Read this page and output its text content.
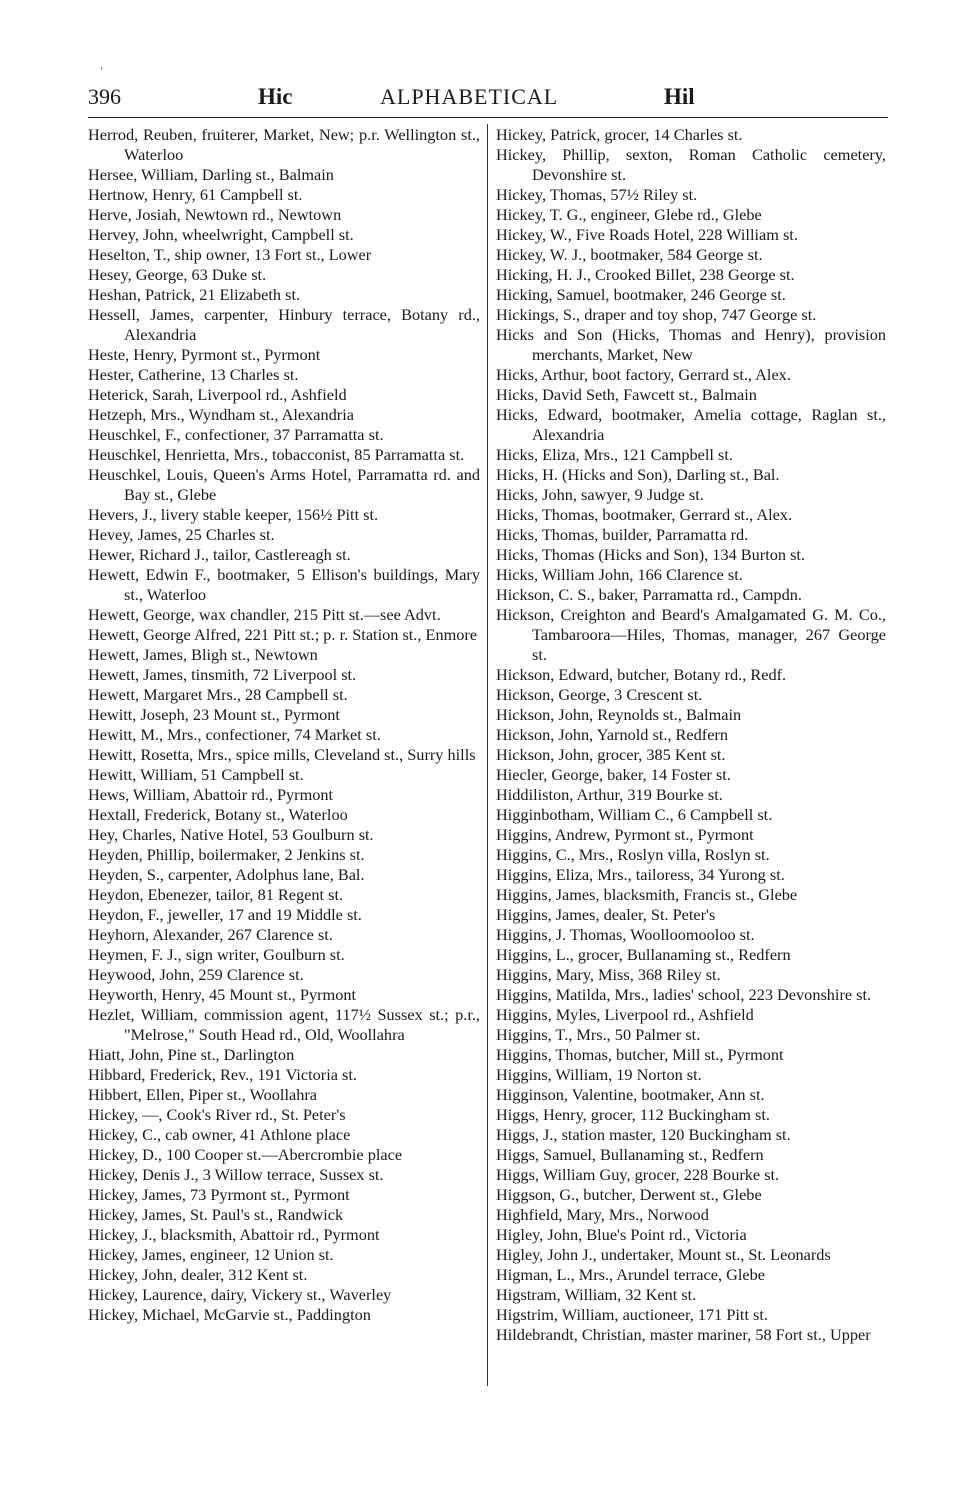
‘
396	Hic	ALPHABETICAL	Hil

Herrod, Reuben, fruiterer, Market, New; p.r. Wellington st., Waterloo

Hersee, William, Darling st., Balmain

Hertnow, Henry, 61 Campbell st.

Herve, Josiah, Newtown rd., Newtown

Hervey, John, wheelwright, Campbell st.

Heselton, T., ship owner, 13 Fort st., Lower

Hesey, George, 63 Duke st.

Heshan, Patrick, 21 Elizabeth st.

Hessell, James, carpenter, Hinbury terrace, Botany rd., Alexandria

Heste, Henry, Pyrmont st., Pyrmont

Hester, Catherine, 13 Charles st.

Heterick, Sarah, Liverpool rd., Ashfield

Hetzeph, Mrs., Wyndham st., Alexandria

Heuschkel, F., confectioner, 37 Parramatta st.

Heuschkel, Henrietta, Mrs., tobacconist, 85 Parramatta st.

Heuschkel, Louis, Queen's Arms Hotel, Parramatta rd. and Bay st., Glebe

Hevers, J., livery stable keeper, 156½ Pitt st.

Hevey, James, 25 Charles st.

Hewer, Richard J., tailor, Castlereagh st.

Hewett, Edwin F., bootmaker, 5 Ellison's buildings, Mary st., Waterloo

Hewett, George, wax chandler, 215 Pitt st.—see Advt.

Hewett, George Alfred, 221 Pitt st.; p. r. Station st., Enmore

Hewett, James, Bligh st., Newtown

Hewett, James, tinsmith, 72 Liverpool st.

Hewett, Margaret Mrs., 28 Campbell st.

Hewitt, Joseph, 23 Mount st., Pyrmont

Hewitt, M., Mrs., confectioner, 74 Market st.

Hewitt, Rosetta, Mrs., spice mills, Cleveland st., Surry hills

Hewitt, William, 51 Campbell st.

Hews, William, Abattoir rd., Pyrmont

Hextall, Frederick, Botany st., Waterloo

Hey, Charles, Native Hotel, 53 Goulburn st.

Heyden, Phillip, boilermaker, 2 Jenkins st.

Heyden, S., carpenter, Adolphus lane, Bal.

Heydon, Ebenezer, tailor, 81 Regent st.

Heydon, F., jeweller, 17 and 19 Middle st.

Heyhorn, Alexander, 267 Clarence st.

Heymen, F. J., sign writer, Goulburn st.

Heywood, John, 259 Clarence st.

Heyworth, Henry, 45 Mount st., Pyrmont

Hezlet, William, commission agent, 117½ Sussex st.; p.r., "Melrose," South Head rd., Old, Woollahra

Hiatt, John, Pine st., Darlington

Hibbard, Frederick, Rev., 191 Victoria st.

Hibbert, Ellen, Piper st., Woollahra

Hickey, —, Cook's River rd., St. Peter's

Hickey, C., cab owner, 41 Athlone place

Hickey, D., 100 Cooper st.—Abercrombie place

Hickey, Denis J., 3 Willow terrace, Sussex st.

Hickey, James, 73 Pyrmont st., Pyrmont

Hickey, James, St. Paul's st., Randwick

Hickey, J., blacksmith, Abattoir rd., Pyrmont

Hickey, James, engineer, 12 Union st.

Hickey, John, dealer, 312 Kent st.

Hickey, Laurence, dairy, Vickery st., Waverley

Hickey, Michael, McGarvie st., Paddington

Hickey, Patrick, grocer, 14 Charles st.

Hickey, Phillip, sexton, Roman Catholic cemetery, Devonshire st.

Hickey, Thomas, 57½ Riley st.

Hickey, T. G., engineer, Glebe rd., Glebe

Hickey, W., Five Roads Hotel, 228 William st.

Hickey, W. J., bootmaker, 584 George st.

Hicking, H. J., Crooked Billet, 238 George st.

Hicking, Samuel, bootmaker, 246 George st.

Hickings, S., draper and toy shop, 747 George st.

Hicks and Son (Hicks, Thomas and Henry), provision merchants, Market, New

Hicks, Arthur, boot factory, Gerrard st., Alex.

Hicks, David Seth, Fawcett st., Balmain

Hicks, Edward, bootmaker, Amelia cottage, Raglan st., Alexandria

Hicks, Eliza, Mrs., 121 Campbell st.

Hicks, H. (Hicks and Son), Darling st., Bal.

Hicks, John, sawyer, 9 Judge st.

Hicks, Thomas, bootmaker, Gerrard st., Alex.

Hicks, Thomas, builder, Parramatta rd.

Hicks, Thomas (Hicks and Son), 134 Burton st.

Hicks, William John, 166 Clarence st.

Hickson, C. S., baker, Parramatta rd., Campdn.

Hickson, Creighton and Beard's Amalgamated G. M. Co., Tambaroora—Hiles, Thomas, manager, 267 George st.

Hickson, Edward, butcher, Botany rd., Redf.

Hickson, George, 3 Crescent st.

Hickson, John, Reynolds st., Balmain

Hickson, John, Yarnold st., Redfern

Hickson, John, grocer, 385 Kent st.

Hiecler, George, baker, 14 Foster st.

Hiddiliston, Arthur, 319 Bourke st.

Higginbotham, William C., 6 Campbell st.

Higgins, Andrew, Pyrmont st., Pyrmont

Higgins, C., Mrs., Roslyn villa, Roslyn st.

Higgins, Eliza, Mrs., tailoress, 34 Yurong st.

Higgins, James, blacksmith, Francis st., Glebe

Higgins, James, dealer, St. Peter's

Higgins, J. Thomas, Woolloomooloo st.

Higgins, L., grocer, Bullanaming st., Redfern

Higgins, Mary, Miss, 368 Riley st.

Higgins, Matilda, Mrs., ladies' school, 223 Devonshire st.

Higgins, Myles, Liverpool rd., Ashfield

Higgins, T., Mrs., 50 Palmer st.

Higgins, Thomas, butcher, Mill st., Pyrmont

Higgins, William, 19 Norton st.

Higginson, Valentine, bootmaker, Ann st.

Higgs, Henry, grocer, 112 Buckingham st.

Higgs, J., station master, 120 Buckingham st.

Higgs, Samuel, Bullanaming st., Redfern

Higgs, William Guy, grocer, 228 Bourke st.

Higgson, G., butcher, Derwent st., Glebe

Highfield, Mary, Mrs., Norwood

Higley, John, Blue's Point rd., Victoria

Higley, John J., undertaker, Mount st., St. Leonards

Higman, L., Mrs., Arundel terrace, Glebe

Higstram, William, 32 Kent st.

Higstrim, William, auctioneer, 171 Pitt st.

Hildebrandt, Christian, master mariner, 58 Fort st., Upper
